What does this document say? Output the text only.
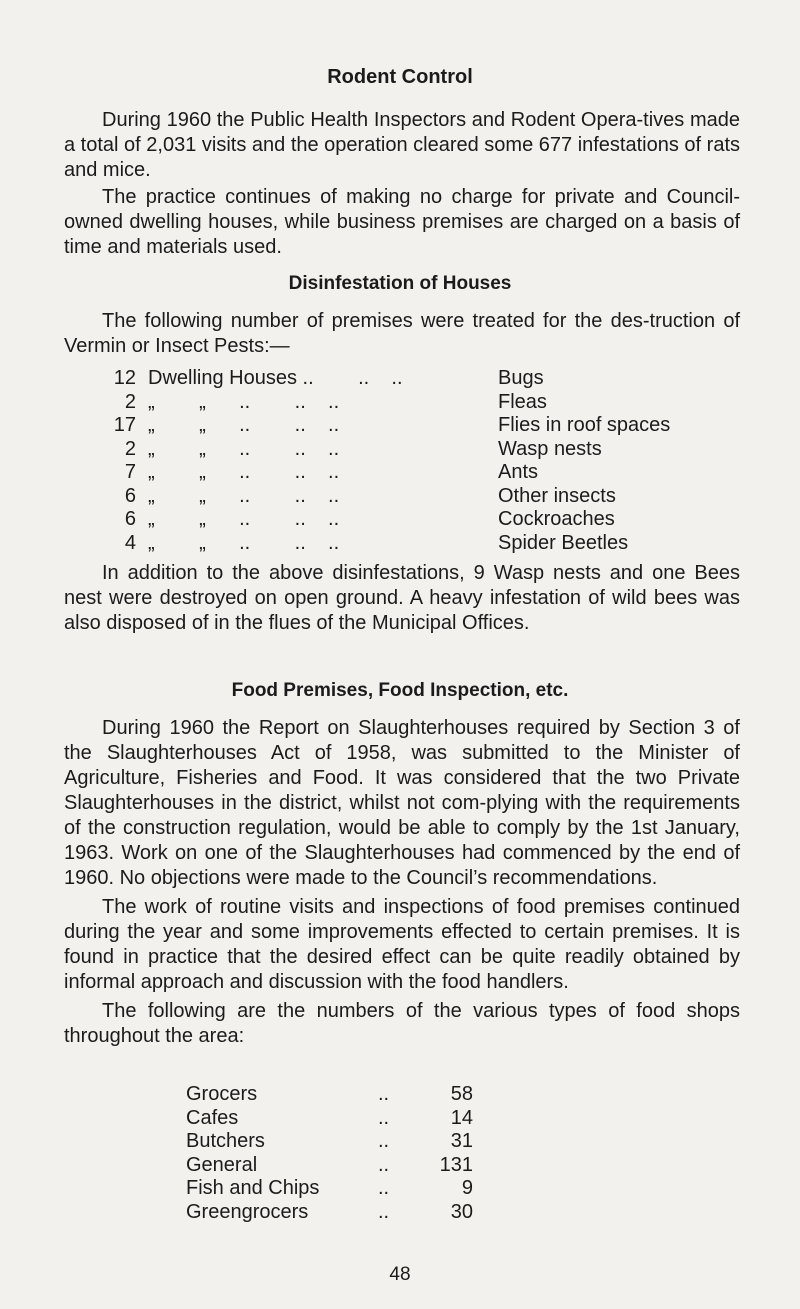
Rodent Control

During 1960 the Public Health Inspectors and Rodent Opera-tives made a total of 2,031 visits and the operation cleared some 677 infestations of rats and mice.

The practice continues of making no charge for private and Council-owned dwelling houses, while business premises are charged on a basis of time and materials used.

Disinfestation of Houses

The following number of premises were treated for the des-truction of Vermin or Insect Pests:—

12	Dwelling Houses ..        ..    ..	Bugs
2	„        „      ..        ..    ..	Fleas
17	„        „      ..        ..    ..	Flies in roof spaces
2	„        „      ..        ..    ..	Wasp nests
7	„        „      ..        ..    ..	Ants
6	„        „      ..        ..    ..	Other insects
6	„        „      ..        ..    ..	Cockroaches
4	„        „      ..        ..    ..	Spider Beetles

In addition to the above disinfestations, 9 Wasp nests and one Bees nest were destroyed on open ground. A heavy infestation of wild bees was also disposed of in the flues of the Municipal Offices.

Food Premises, Food Inspection, etc.

During 1960 the Report on Slaughterhouses required by Section 3 of the Slaughterhouses Act of 1958, was submitted to the Minister of Agriculture, Fisheries and Food. It was considered that the two Private Slaughterhouses in the district, whilst not com-plying with the requirements of the construction regulation, would be able to comply by the 1st January, 1963. Work on one of the Slaughterhouses had commenced by the end of 1960. No objections were made to the Council’s recommendations.

The work of routine visits and inspections of food premises continued during the year and some improvements effected to certain premises. It is found in practice that the desired effect can be quite readily obtained by informal approach and discussion with the food handlers.

The following are the numbers of the various types of food shops throughout the area:

Grocers	..	58
Cafes	..	14
Butchers	..	31
General	..	131
Fish and Chips	..	9
Greengrocers	..	30
48
